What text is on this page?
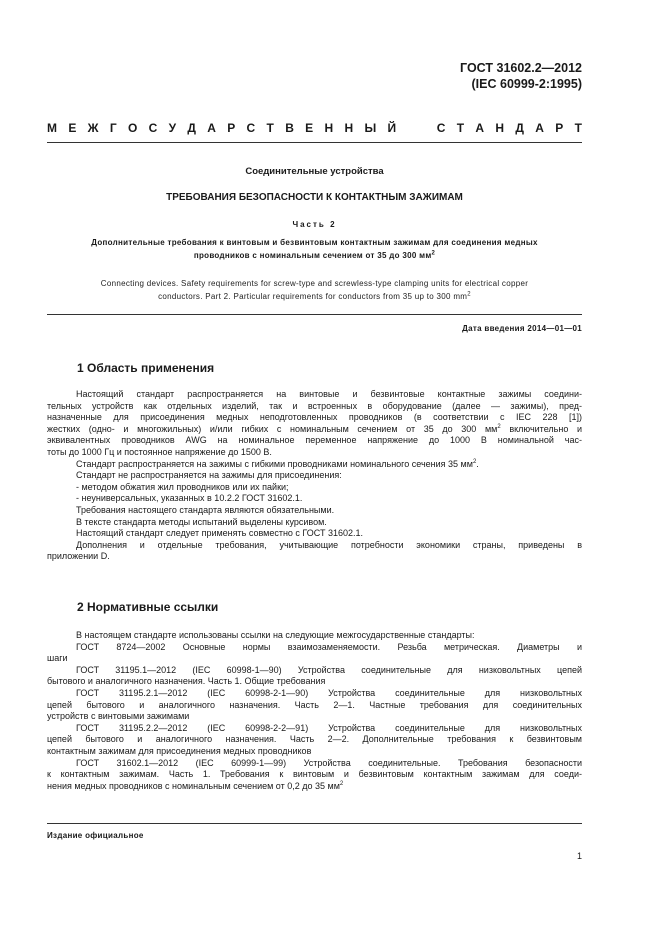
ГОСТ 31602.2—2012
(IEC 60999-2:1995)
М Е Ж Г О С У Д А Р С Т В Е Н Н Ы Й

	С Т А Н Д А Р Т
Соединительные устройства
ТРЕБОВАНИЯ БЕЗОПАСНОСТИ К КОНТАКТНЫМ ЗАЖИМАМ
Часть 2
Дополнительные требования к винтовым и безвинтовым контактным зажимам для соединения медных
проводников с номинальным сечением от 35 до 300 $мм^2$
Connecting devices. Safety requirements for screw-type and screwless-type clamping units for electrical copper
conductors. Part 2. Particular requirements for conductors from 35 up to 300 $mm^2$
Дата введения 2014—01—01
1 Область применения

Настоящий стандарт распространяется на винтовые и безвинтовые контактные зажимы соедини-

тельных устройств как отдельных изделий, так и встроенных в оборудование (далее — зажимы), пред-

назначенные для присоединения медных неподготовленных проводников (в соответствии с IEC 228 [1])

жестких (одно- и многожильных) и/или гибких с номинальным сечением от 35 до 300 $мм^2$ включительно и

эквивалентных проводников AWG на номинальное переменное напряжение до 1000 В номинальной час-

тоты до 1000 Гц и постоянное напряжение до 1500 В.

Стандарт распространяется на зажимы с гибкими проводниками номинального сечения 35 $мм^2$.

Стандарт не распространяется на зажимы для присоединения:

- методом обжатия жил проводников или их пайки;

- неуниверсальных, указанных в 10.2.2 ГОСТ 31602.1.

Требования настоящего стандарта являются обязательными.

В тексте стандарта методы испытаний выделены курсивом.

Настоящий стандарт следует применять совместно с ГОСТ 31602.1.

Дополнения и отдельные требования, учитывающие потребности экономики страны, приведены в

приложении D.

2 Нормативные ссылки

В настоящем стандарте использованы ссылки на следующие межгосударственные стандарты:

ГОСТ 8724—2002 Основные нормы взаимозаменяемости. Резьба метрическая. Диаметры и

шаги

ГОСТ 31195.1—2012 (IEC 60998-1—90) Устройства соединительные для низковольтных цепей

бытового и аналогичного назначения. Часть 1. Общие требования

ГОСТ 31195.2.1—2012 (IEC 60998-2-1—90) Устройства соединительные для низковольтных

цепей бытового и аналогичного назначения. Часть 2—1. Частные требования для соединительных

устройств с винтовыми зажимами

ГОСТ 31195.2.2—2012 (IEC 60998-2-2—91) Устройства соединительные для низковольтных

цепей бытового и аналогичного назначения. Часть 2—2. Дополнительные требования к безвинтовым

контактным зажимам для присоединения медных проводников

ГОСТ 31602.1—2012 (IEC 60999-1—99) Устройства соединительные. Требования безопасности

к контактным зажимам. Часть 1. Требования к винтовым и безвинтовым контактным зажимам для соеди-

нения медных проводников с номинальным сечением от 0,2 до 35 $мм^2$

Издание официальное
1
